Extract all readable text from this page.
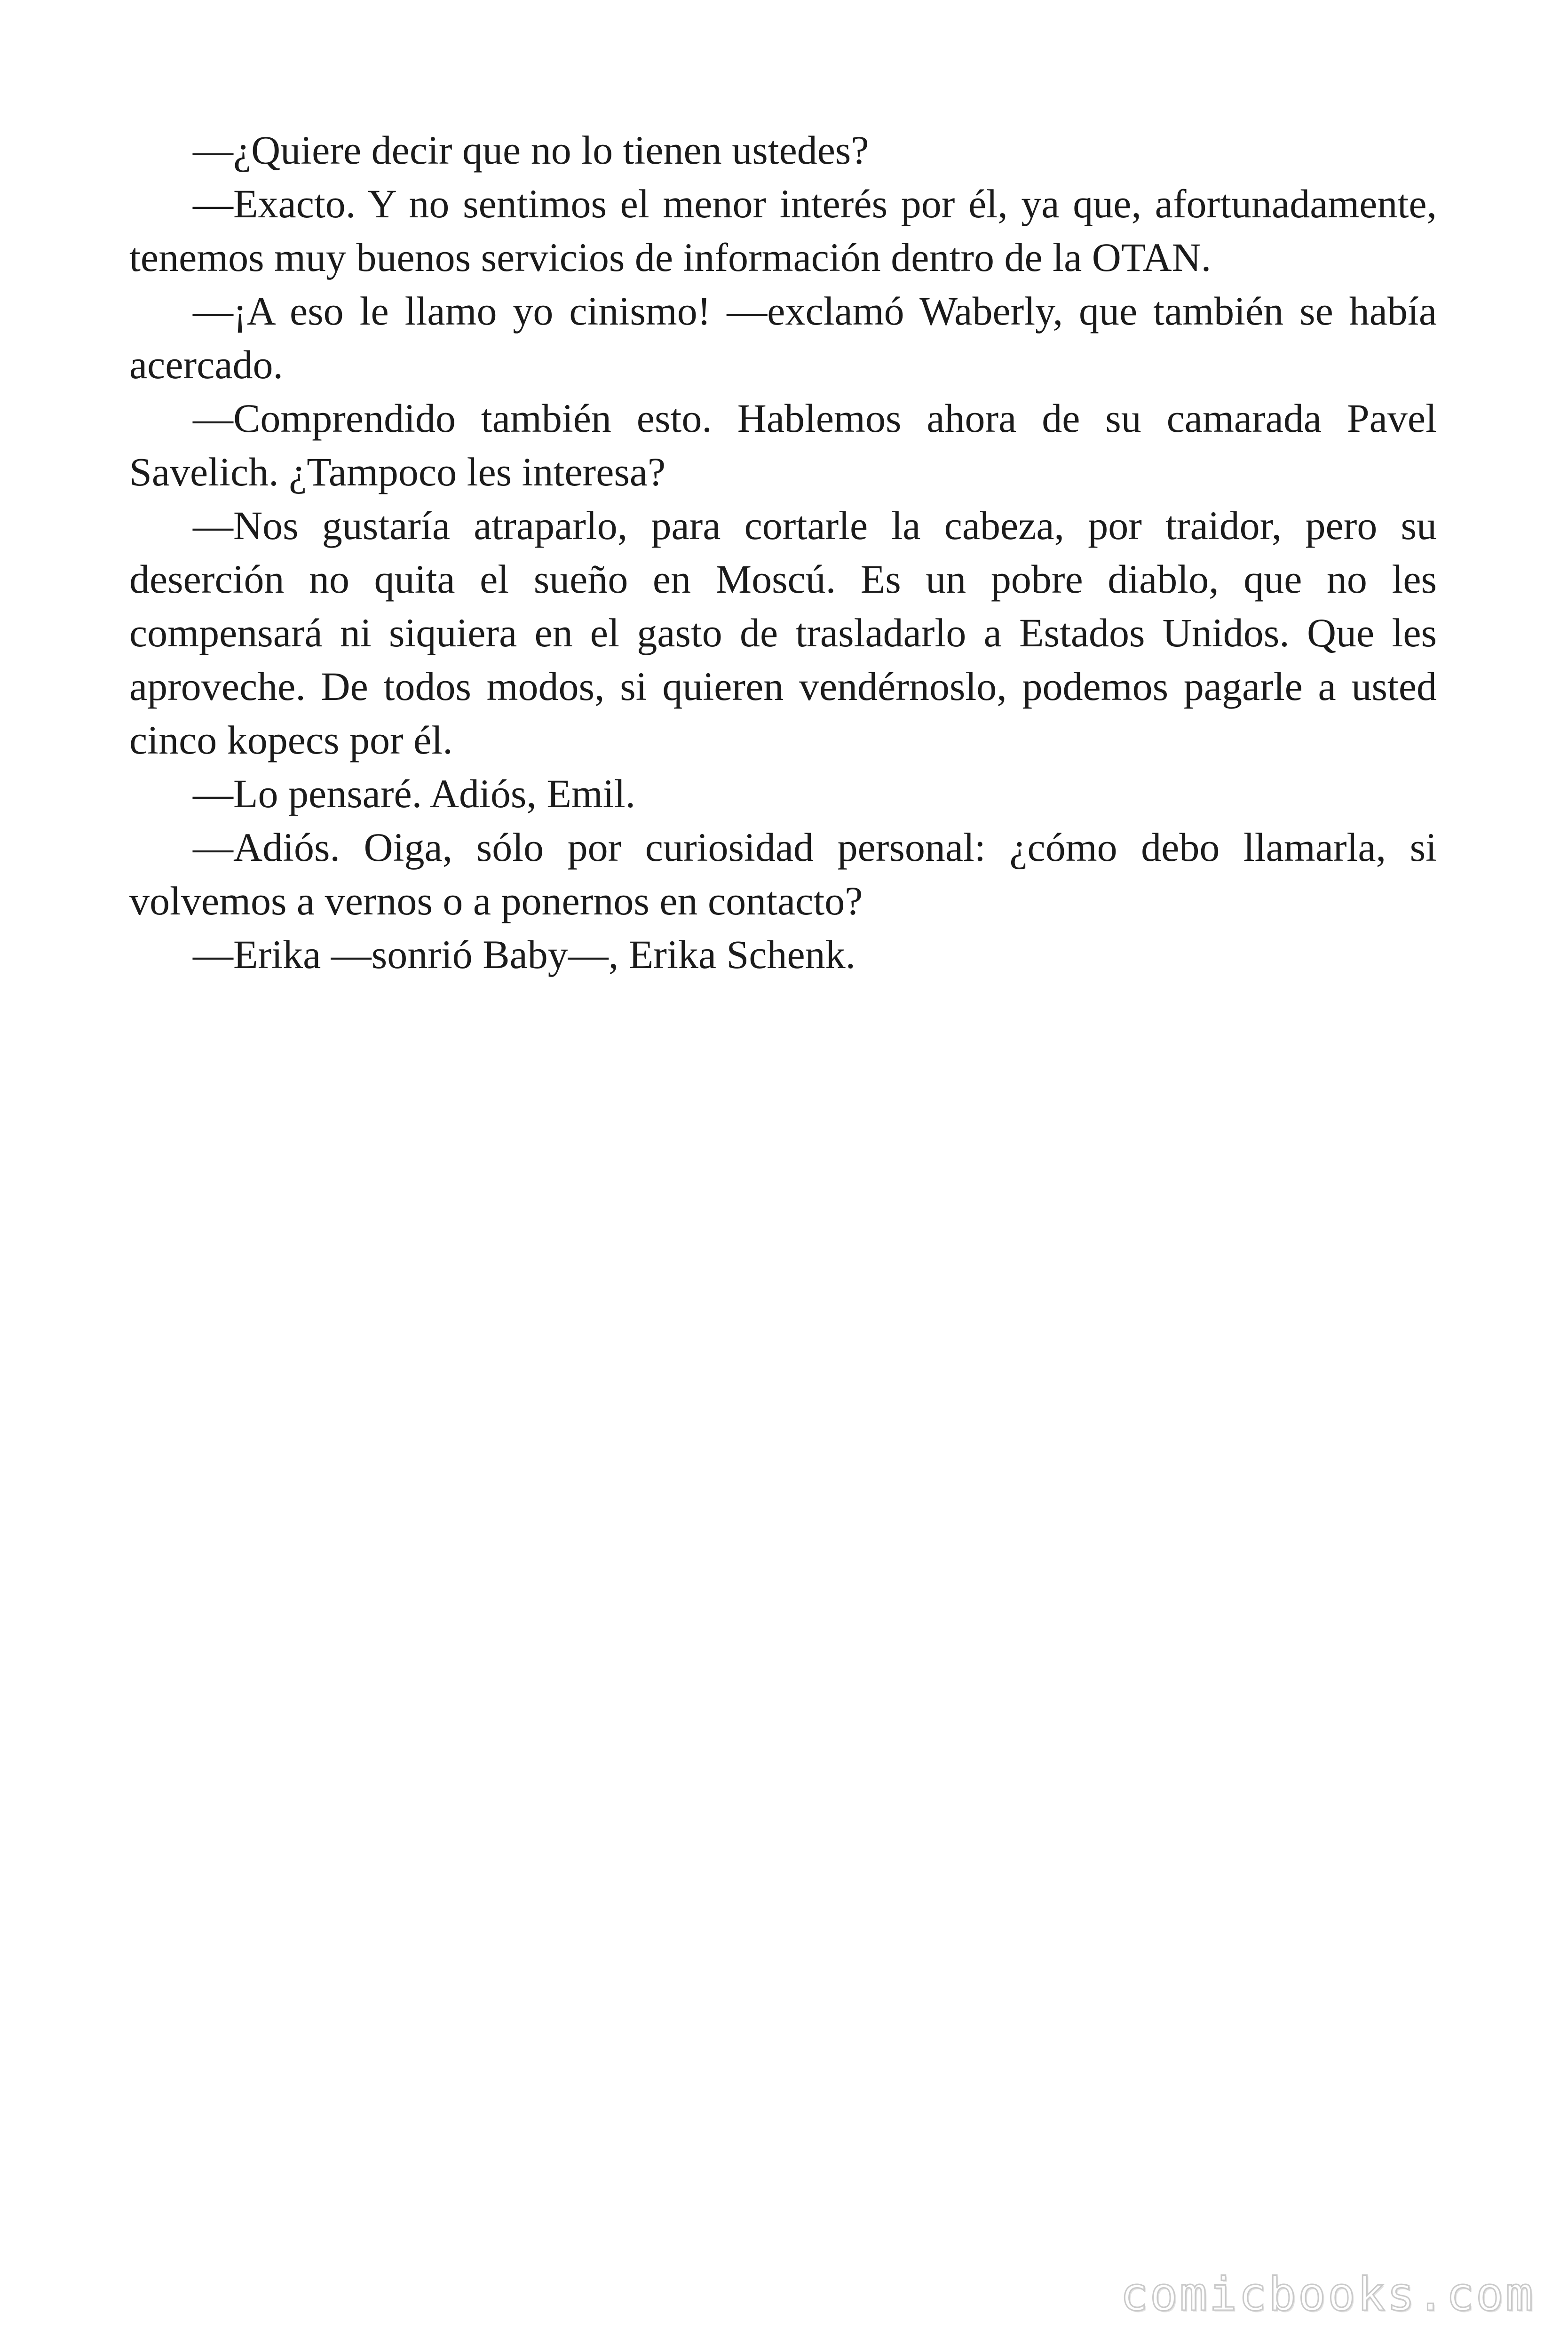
—¿Quiere decir que no lo tienen ustedes?

—Exacto. Y no sentimos el menor interés por él, ya que, afortunadamente, tenemos muy buenos servicios de información dentro de la OTAN.

—¡A eso le llamo yo cinismo! —exclamó Waberly, que también se había acercado.

—Comprendido también esto. Hablemos ahora de su camarada Pavel Savelich. ¿Tampoco les interesa?

—Nos gustaría atraparlo, para cortarle la cabeza, por traidor, pero su deserción no quita el sueño en Moscú. Es un pobre diablo, que no les compensará ni siquiera en el gasto de trasladarlo a Estados Unidos. Que les aproveche. De todos modos, si quieren vendérnoslo, podemos pagarle a usted cinco kopecs por él.

—Lo pensaré. Adiós, Emil.

—Adiós. Oiga, sólo por curiosidad personal: ¿cómo debo llamarla, si volvemos a vernos o a ponernos en contacto?

—Erika —sonrió Baby—, Erika Schenk.

comicbooks.com
